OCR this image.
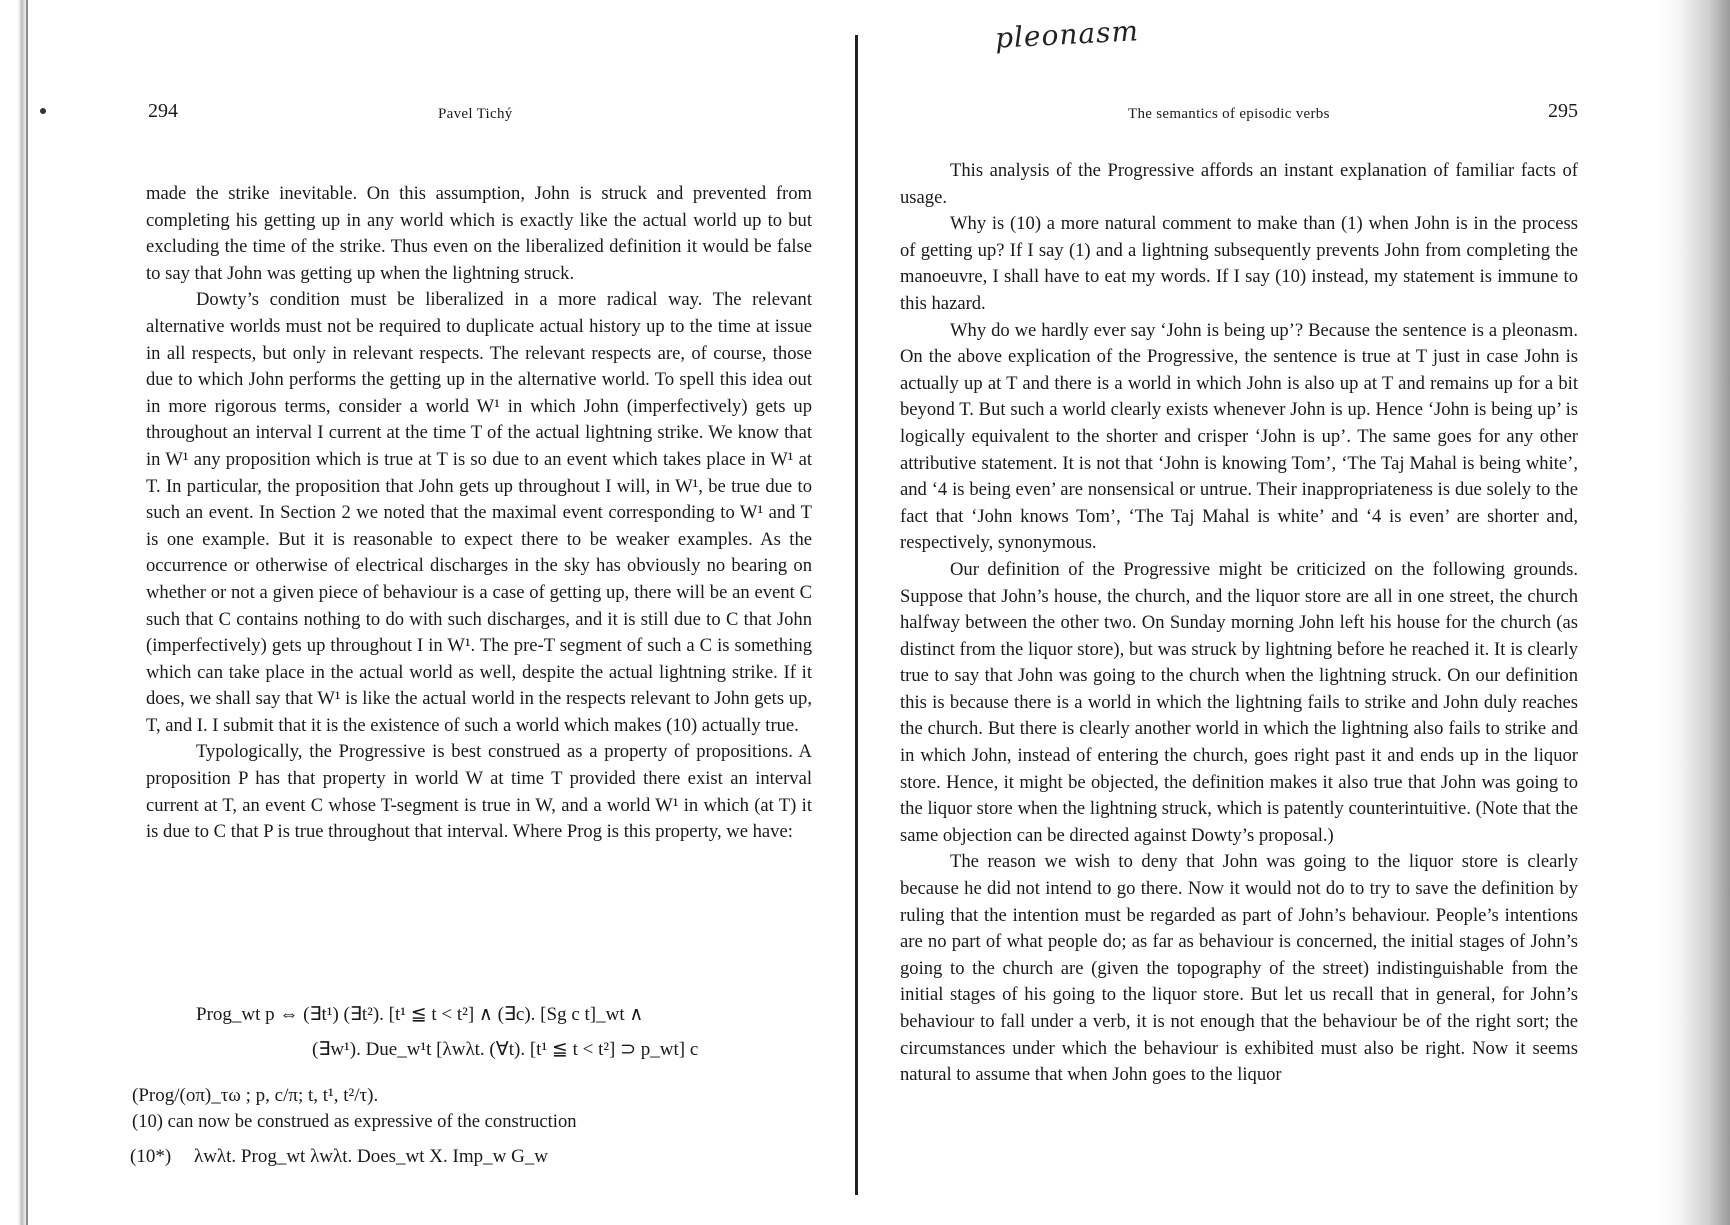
pleonasm
294	Pavel Tichý

made the strike inevitable. On this assumption, John is struck and prevented from completing his getting up in any world which is exactly like the actual world up to but excluding the time of the strike. Thus even on the liberalized definition it would be false to say that John was getting up when the lightning struck.

Dowty’s condition must be liberalized in a more radical way. The relevant alternative worlds must not be required to duplicate actual history up to the time at issue in all respects, but only in relevant respects. The relevant respects are, of course, those due to which John performs the getting up in the alternative world. To spell this idea out in more rigorous terms, consider a world W¹ in which John (imperfectively) gets up throughout an interval I current at the time T of the actual lightning strike. We know that in W¹ any proposition which is true at T is so due to an event which takes place in W¹ at T. In particular, the proposition that John gets up throughout I will, in W¹, be true due to such an event. In Section 2 we noted that the maximal event corresponding to W¹ and T is one example. But it is reasonable to expect there to be weaker examples. As the occurrence or otherwise of electrical discharges in the sky has obviously no bearing on whether or not a given piece of behaviour is a case of getting up, there will be an event C such that C contains nothing to do with such discharges, and it is still due to C that John (imperfectively) gets up throughout I in W¹. The pre-T segment of such a C is something which can take place in the actual world as well, despite the actual lightning strike. If it does, we shall say that W¹ is like the actual world in the respects relevant to John gets up, T, and I. I submit that it is the existence of such a world which makes (10) actually true.

Typologically, the Progressive is best construed as a property of propositions. A proposition P has that property in world W at time T provided there exist an interval current at T, an event C whose T-segment is true in W, and a world W¹ in which (at T) it is due to C that P is true throughout that interval. Where Prog is this property, we have:

Prog_wt p ⇔ (∃t¹) (∃t²). [t¹ ≦ t < t²] ∧ (∃c). [Sg c t]_wt ∧
(∃w¹). Due_w¹t [λwλt. (∀t). [t¹ ≦ t < t²] ⊃ p_wt] c
(Prog/(oπ)_τω ; p, c/π; t, t¹, t²/τ).
(10) can now be construed as expressive of the construction
(10*) λwλt. Prog_wt λwλt. Does_wt X. Imp_w G_w
The semantics of episodic verbs	295

This analysis of the Progressive affords an instant explanation of familiar facts of usage.

Why is (10) a more natural comment to make than (1) when John is in the process of getting up? If I say (1) and a lightning subsequently prevents John from completing the manoeuvre, I shall have to eat my words. If I say (10) instead, my statement is immune to this hazard.

Why do we hardly ever say ‘John is being up’? Because the sentence is a pleonasm. On the above explication of the Progressive, the sentence is true at T just in case John is actually up at T and there is a world in which John is also up at T and remains up for a bit beyond T. But such a world clearly exists whenever John is up. Hence ‘John is being up’ is logically equivalent to the shorter and crisper ‘John is up’. The same goes for any other attributive statement. It is not that ‘John is knowing Tom’, ‘The Taj Mahal is being white’, and ‘4 is being even’ are nonsensical or untrue. Their inappropriateness is due solely to the fact that ‘John knows Tom’, ‘The Taj Mahal is white’ and ‘4 is even’ are shorter and, respectively, synonymous.

Our definition of the Progressive might be criticized on the following grounds. Suppose that John’s house, the church, and the liquor store are all in one street, the church halfway between the other two. On Sunday morning John left his house for the church (as distinct from the liquor store), but was struck by lightning before he reached it. It is clearly true to say that John was going to the church when the lightning struck. On our definition this is because there is a world in which the lightning fails to strike and John duly reaches the church. But there is clearly another world in which the lightning also fails to strike and in which John, instead of entering the church, goes right past it and ends up in the liquor store. Hence, it might be objected, the definition makes it also true that John was going to the liquor store when the lightning struck, which is patently counterintuitive. (Note that the same objection can be directed against Dowty’s proposal.)

The reason we wish to deny that John was going to the liquor store is clearly because he did not intend to go there. Now it would not do to try to save the definition by ruling that the intention must be regarded as part of John’s behaviour. People’s intentions are no part of what people do; as far as behaviour is concerned, the initial stages of John’s going to the church are (given the topography of the street) indistinguishable from the initial stages of his going to the liquor store. But let us recall that in general, for John’s behaviour to fall under a verb, it is not enough that the behaviour be of the right sort; the circumstances under which the behaviour is exhibited must also be right. Now it seems natural to assume that when John goes to the liquor
